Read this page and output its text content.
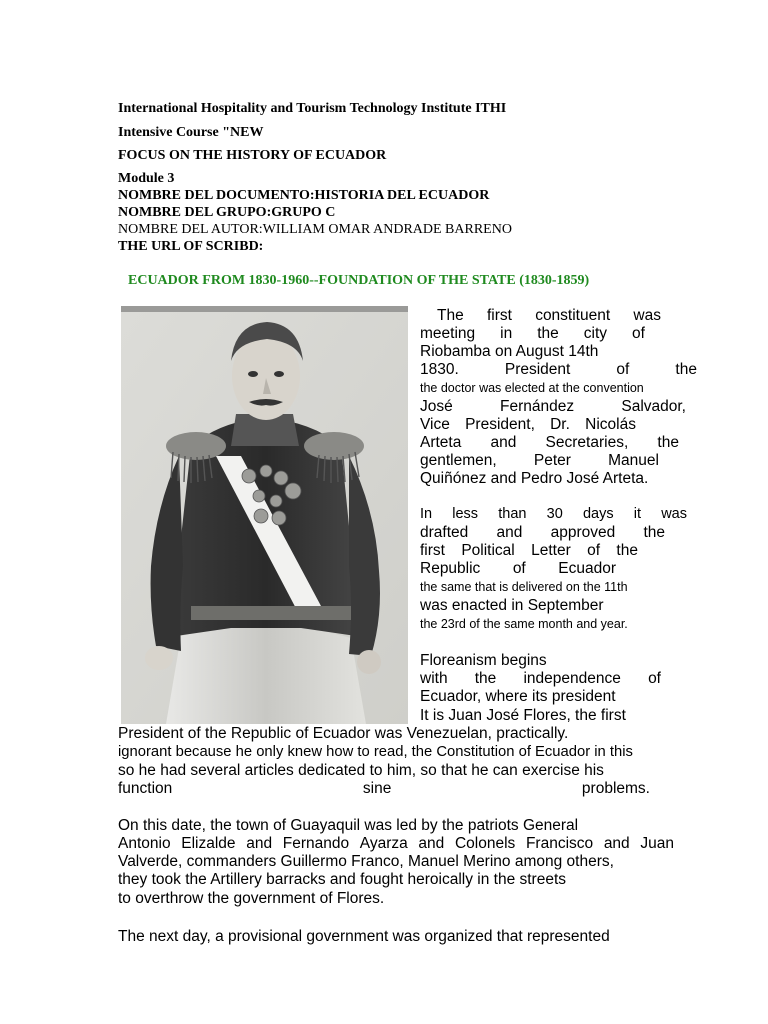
International Hospitality and Tourism Technology Institute ITHI
Intensive Course "NEW
FOCUS ON THE HISTORY OF ECUADOR
Module 3
NOMBRE DEL DOCUMENTO:HISTORIA DEL ECUADOR
NOMBRE DEL GRUPO:GRUPO C
NOMBRE DEL AUTOR:WILLIAM OMAR ANDRADE BARRENO
THE URL OF SCRIBD:
ECUADOR FROM 1830-1960--FOUNDATION OF THE STATE (1830-1859)
The first constituent was
meeting in the city of
Riobamba on August 14th
1830.	President	of	the
the doctor was elected at the convention
José	Fernández	Salvador,
Vice President, Dr. Nicolás
Arteta and Secretaries, the
gentlemen, Peter Manuel
Quiñónez and Pedro José Arteta.
In less than 30 days it was
drafted and approved the
first Political Letter of the
Republic of Ecuador
the same that is delivered on the 11th
was enacted in September
the 23rd of the same month and year.
Floreanism begins
with the independence of
Ecuador, where its president
It is Juan José Flores, the first
President of the Republic of Ecuador was Venezuelan, practically.
ignorant because he only knew how to read, the Constitution of Ecuador in this
so he had several articles dedicated to him, so that he can exercise his
function	sine	problems.
On this date, the town of Guayaquil was led by the patriots General
Antonio Elizalde and Fernando Ayarza and Colonels Francisco and Juan
Valverde, commanders Guillermo Franco, Manuel Merino among others,
they took the Artillery barracks and fought heroically in the streets
to overthrow the government of Flores.
The next day, a provisional government was organized that represented
